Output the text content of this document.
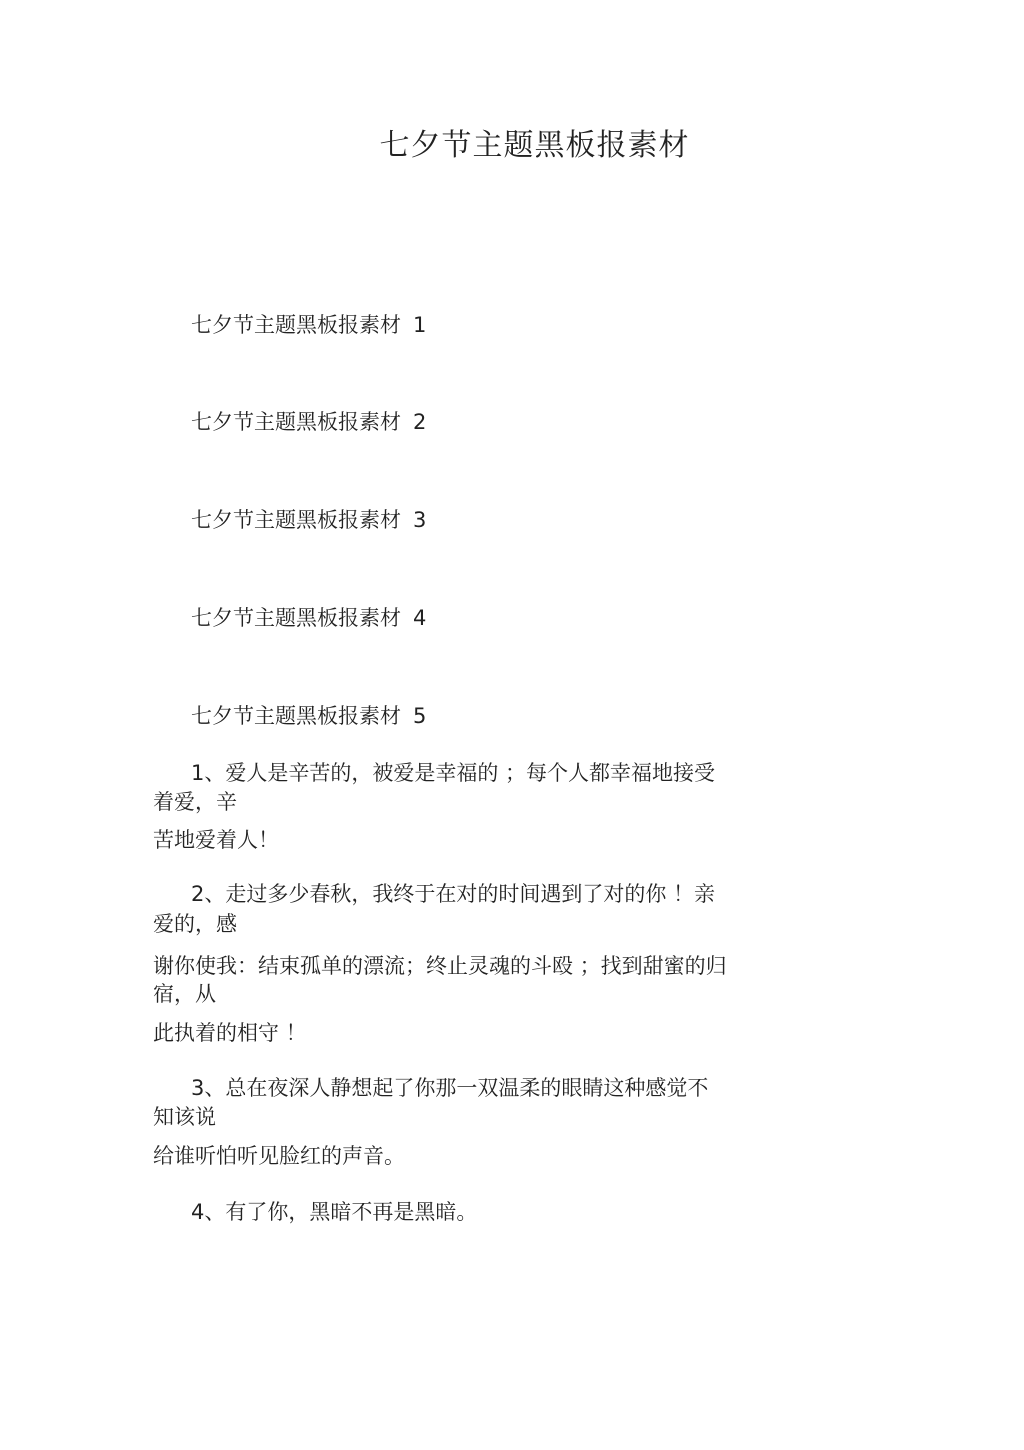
七夕节主题黑板报素材
七夕节主题黑板报素材 1
七夕节主题黑板报素材 2
七夕节主题黑板报素材 3
七夕节主题黑板报素材 4
七夕节主题黑板报素材 5
1、爱人是辛苦的，被爱是幸福的 ；每个人都幸福地接受
着爱，辛
苦地爱着人！
2、走过多少春秋，我终于在对的时间遇到了对的你 ！亲
爱的，感
谢你使我：结束孤单的漂流；终止灵魂的斗殴 ；找到甜蜜的归
宿，从
此执着的相守 ！
3、总在夜深人静想起了你那一双温柔的眼睛这种感觉不
知该说
给谁听怕听见脸红的声音。
4、有了你，黑暗不再是黑暗。
